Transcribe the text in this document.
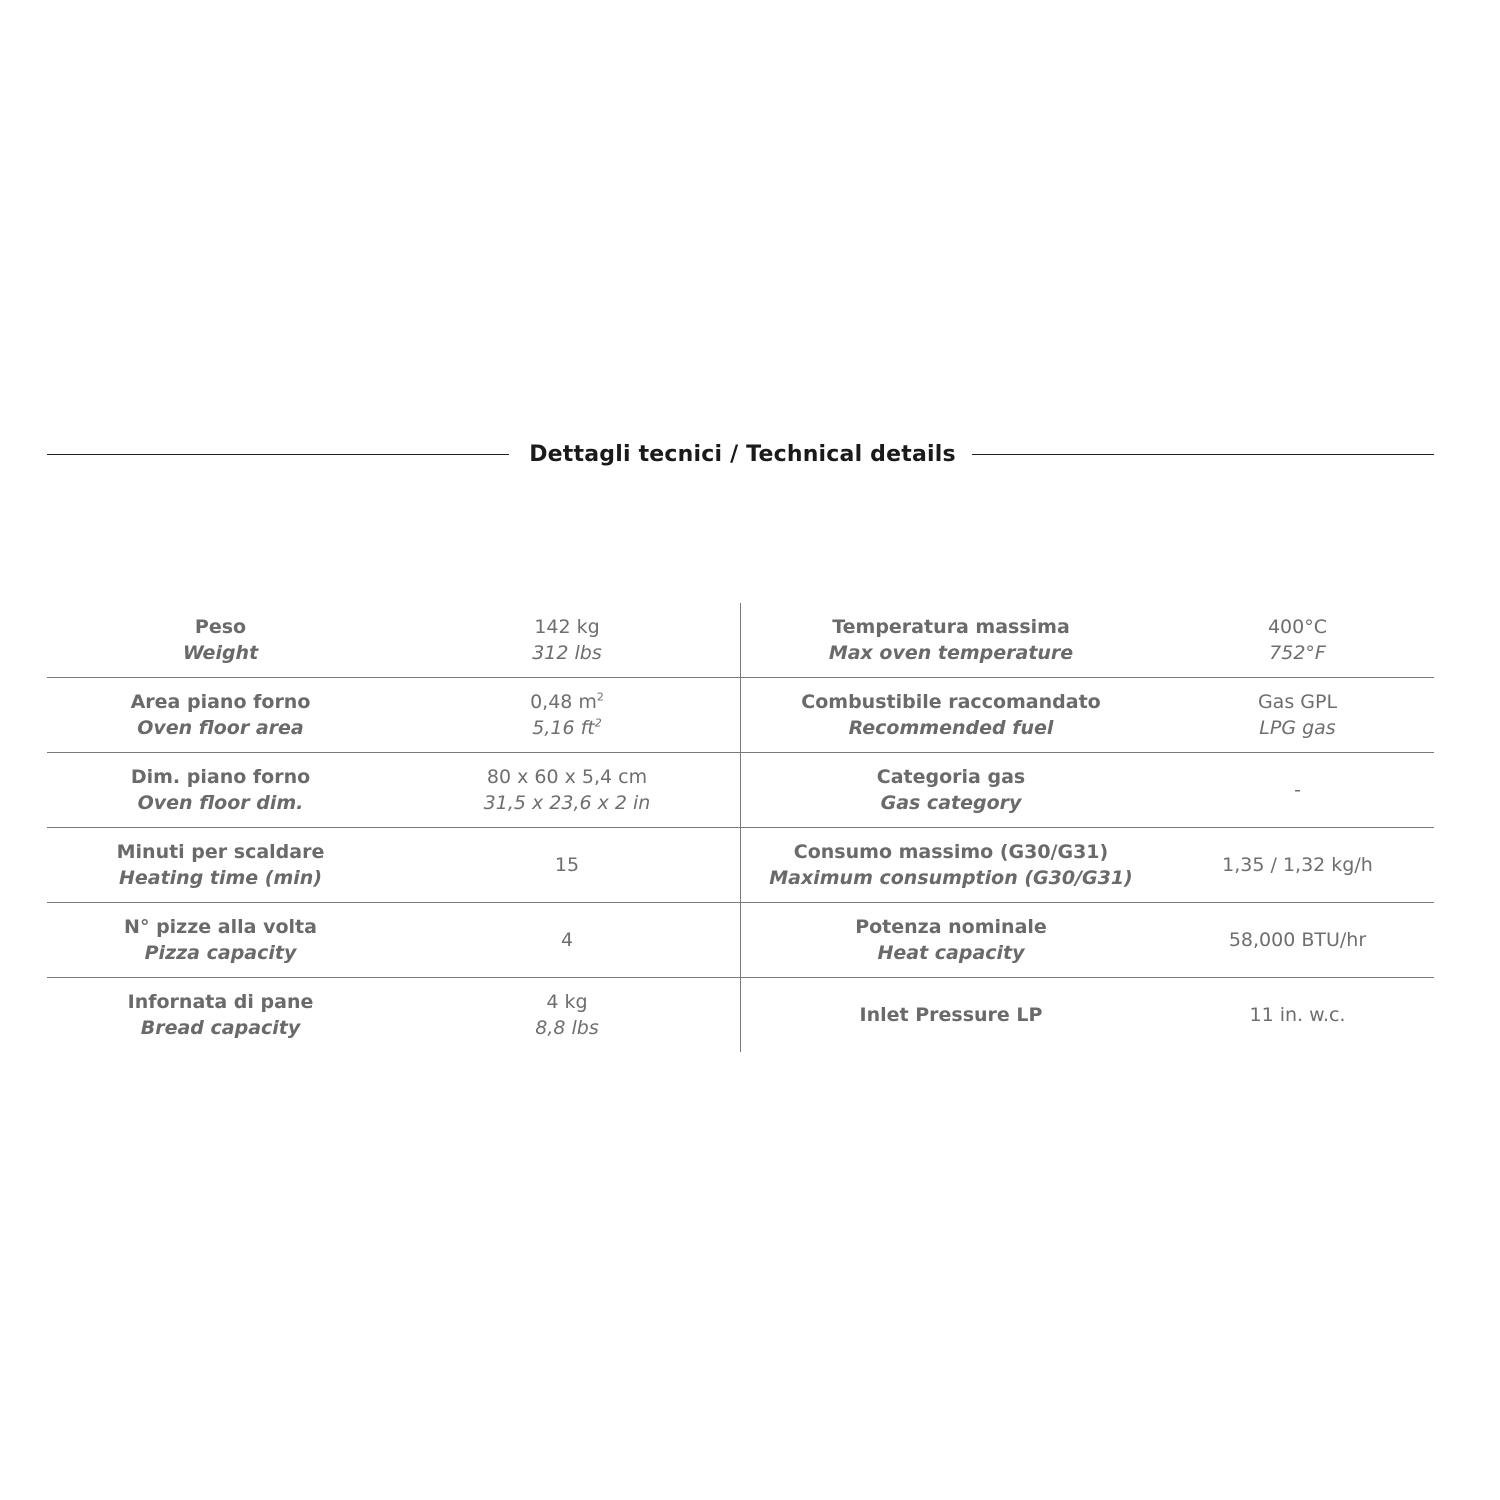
Dettagli tecnici / Technical details
Peso
Weight
142 kg
312 lbs
Temperatura massima
Max oven temperature
400°C
752°F
Area piano forno
Oven floor area
0,48 $m^2$
5,16 $ft^2$
Combustibile raccomandato
Recommended fuel
Gas GPL
LPG gas
Dim. piano forno
Oven floor dim.
80 x 60 x 5,4 cm
31,5 x 23,6 x 2 in
Categoria gas
Gas category
-
Minuti per scaldare
Heating time (min)
15
Consumo massimo (G30/G31)
Maximum consumption (G30/G31)
1,35 / 1,32 kg/h
N° pizze alla volta
Pizza capacity
4
Potenza nominale
Heat capacity
58,000 BTU/hr
Infornata di pane
Bread capacity
4 kg
8,8 lbs
Inlet Pressure LP	11 in. w.c.
